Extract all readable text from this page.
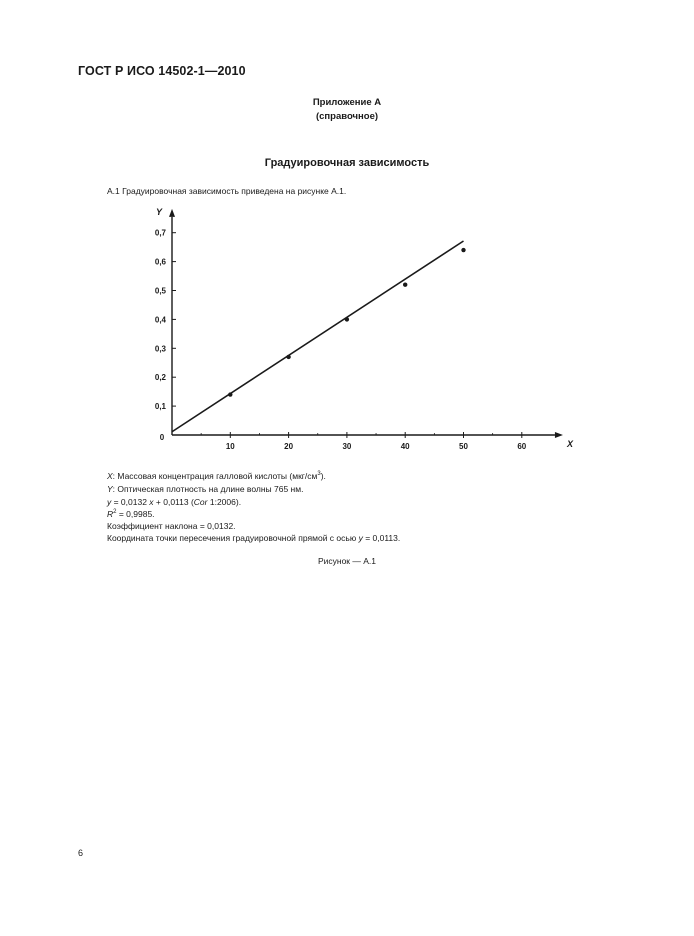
ГОСТ Р ИСО 14502-1—2010
Приложение А
(справочное)
Градуировочная зависимость
А.1 Градуировочная зависимость приведена на рисунке А.1.
X
Y
0
10	20	30	40	50	60
0,1
0,2
0,3
0,4
0,5
0,6
0,7
X: Массовая концентрация галловой кислоты $(мкг/см^3)$.
Y: Оптическая плотность на длине волны 765 нм.
y = 0,0132 x + 0,0113 (Cor 1:2006).
$R^2 = 0,9985$.
Коэффициент наклона = 0,0132.
Координата точки пересечения градуировочной прямой с осью y = 0,0113.
Рисунок — А.1
6
